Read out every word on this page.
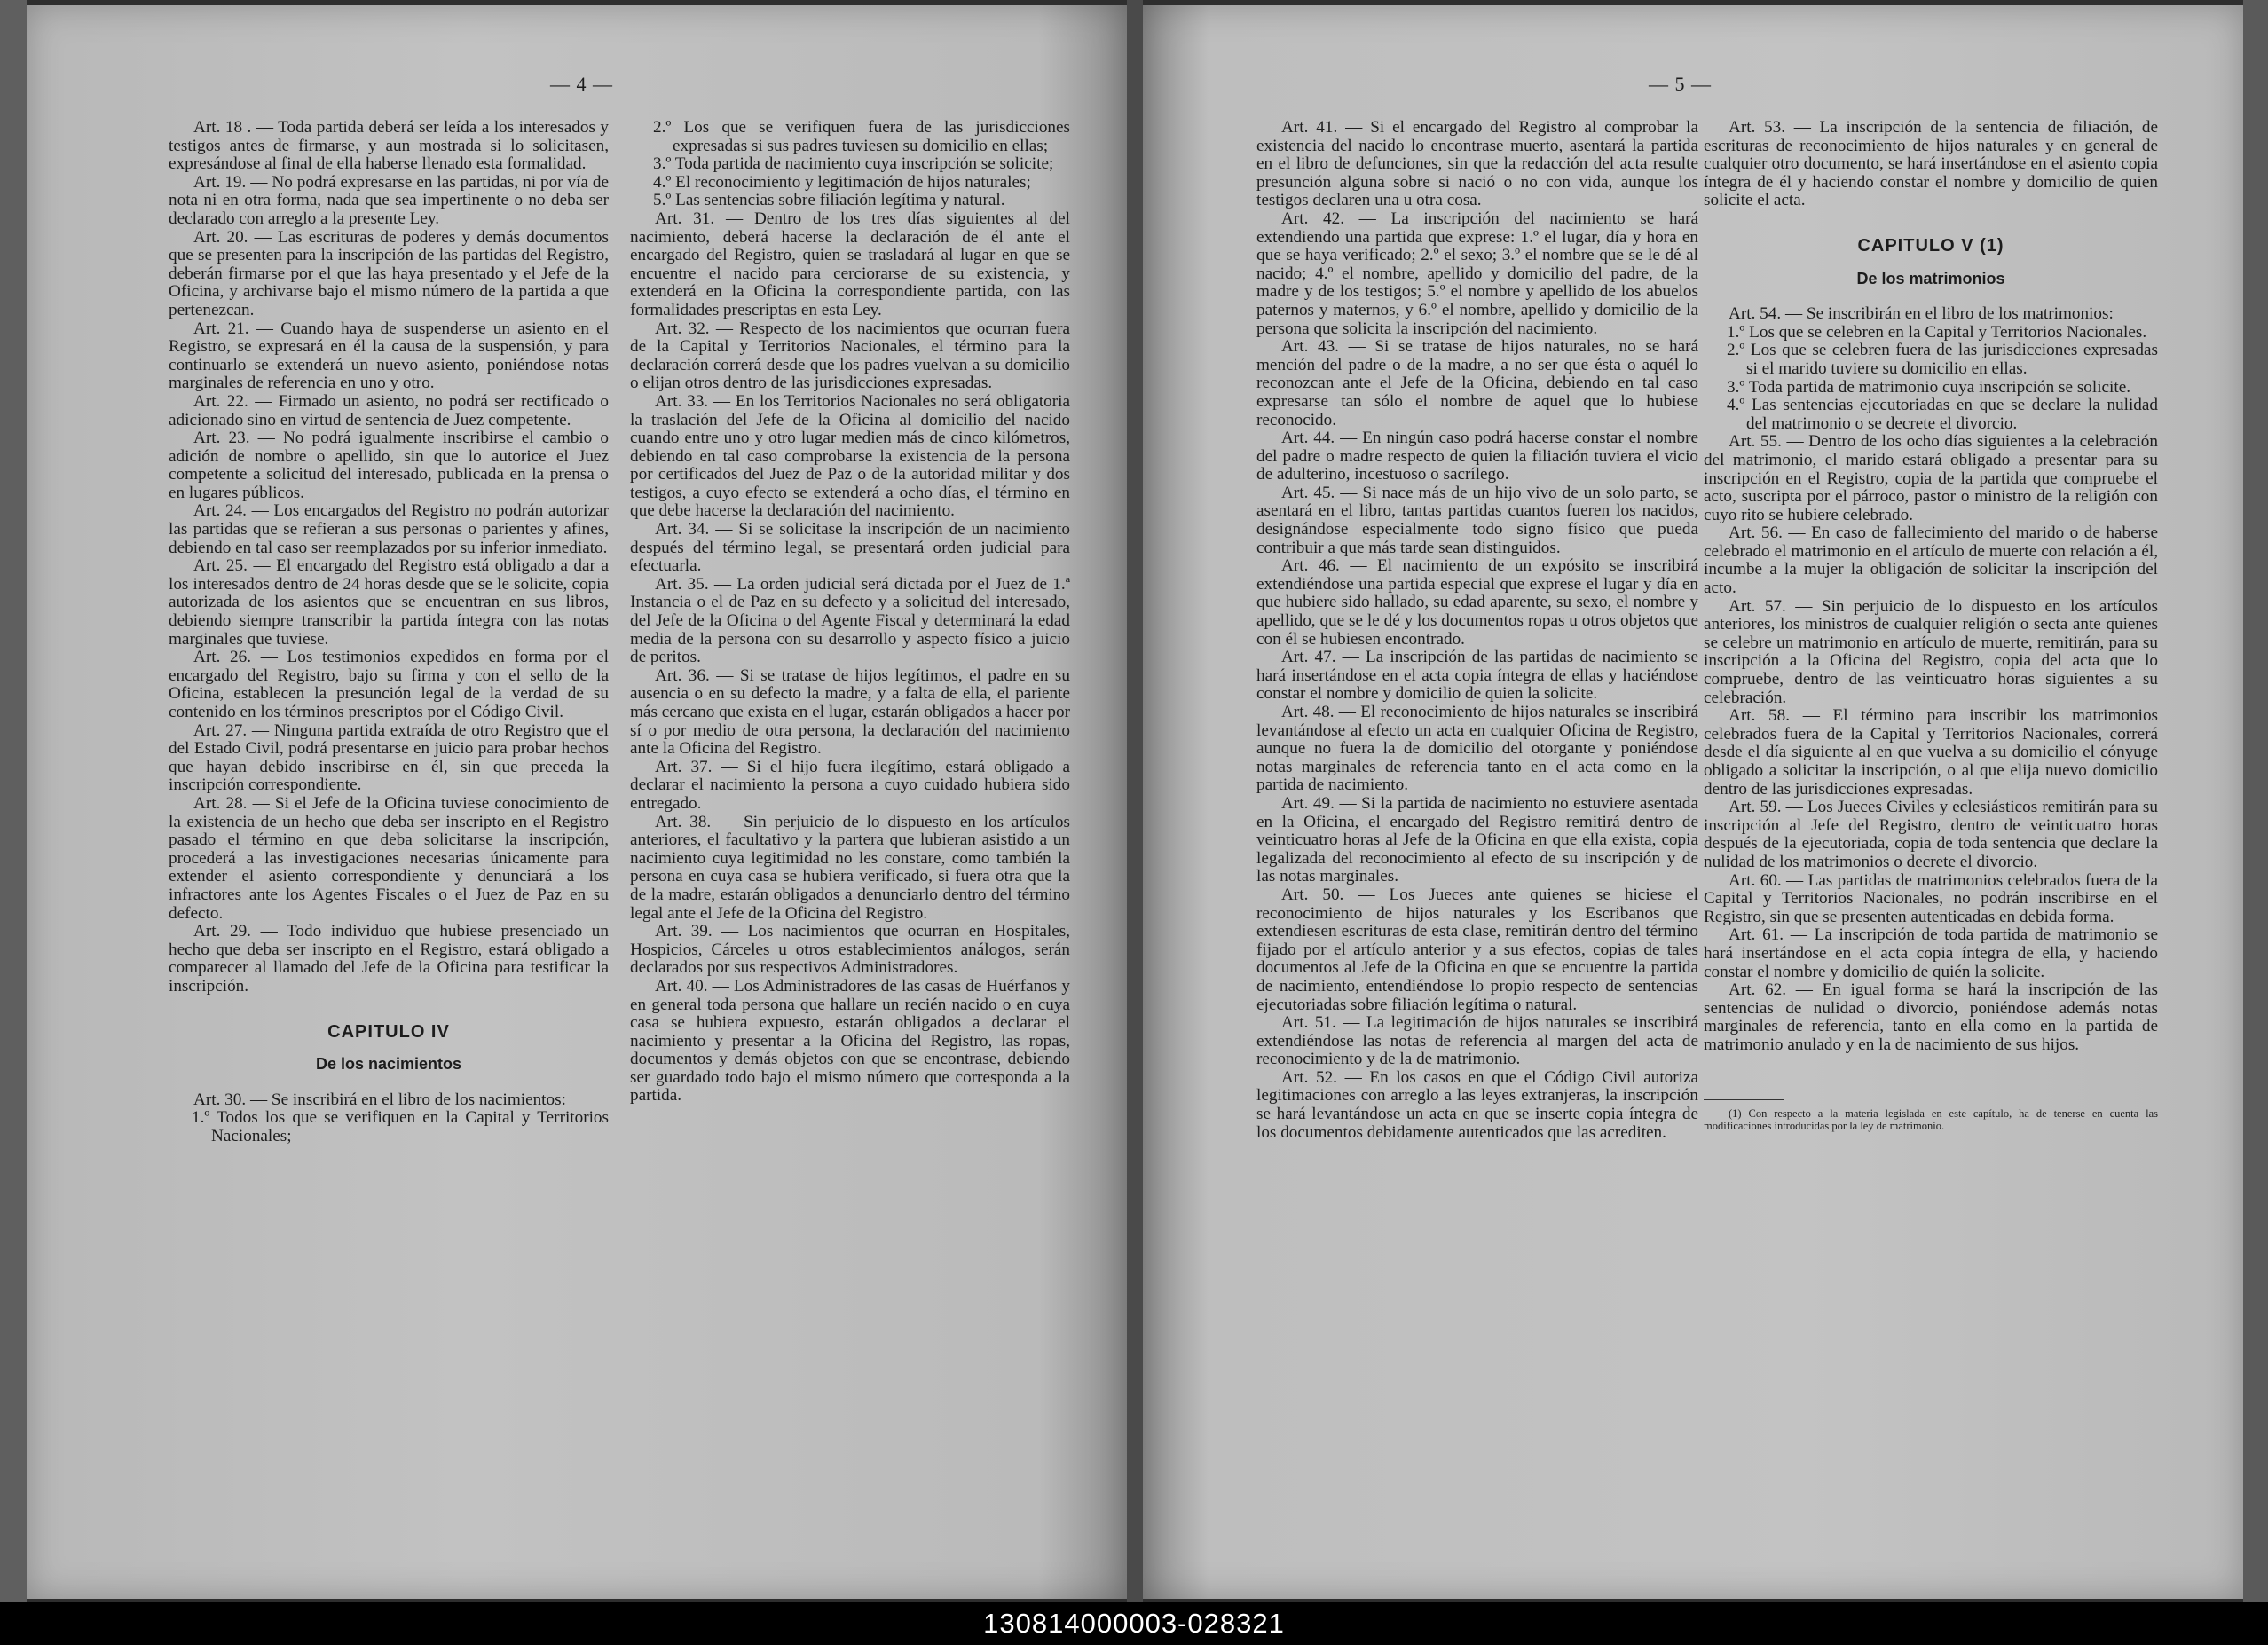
— 4 —

Art. 18 . — Toda partida deberá ser leída a los interesados y testigos antes de firmarse, y aun mostrada si lo solicitasen, expresándose al final de ella haberse llenado esta formalidad.

Art. 19. — No podrá expresarse en las partidas, ni por vía de nota ni en otra forma, nada que sea impertinente o no deba ser declarado con arreglo a la presente Ley.

Art. 20. — Las escrituras de poderes y demás documentos que se presenten para la inscripción de las partidas del Registro, deberán firmarse por el que las haya presentado y el Jefe de la Oficina, y archivarse bajo el mismo número de la partida a que pertenezcan.

Art. 21. — Cuando haya de suspenderse un asiento en el Registro, se expresará en él la causa de la suspensión, y para continuarlo se extenderá un nuevo asiento, poniéndose notas marginales de referencia en uno y otro.

Art. 22. — Firmado un asiento, no podrá ser rectificado o adicionado sino en virtud de sentencia de Juez competente.

Art. 23. — No podrá igualmente inscribirse el cambio o adición de nombre o apellido, sin que lo autorice el Juez competente a solicitud del interesado, publicada en la prensa o en lugares públicos.

Art. 24. — Los encargados del Registro no podrán autorizar las partidas que se refieran a sus personas o parientes y afines, debiendo en tal caso ser reemplazados por su inferior inmediato.

Art. 25. — El encargado del Registro está obligado a dar a los interesados dentro de 24 horas desde que se le solicite, copia autorizada de los asientos que se encuentran en sus libros, debiendo siempre transcribir la partida íntegra con las notas marginales que tuviese.

Art. 26. — Los testimonios expedidos en forma por el encargado del Registro, bajo su firma y con el sello de la Oficina, establecen la presunción legal de la verdad de su contenido en los términos prescriptos por el Código Civil.

Art. 27. — Ninguna partida extraída de otro Registro que el del Estado Civil, podrá presentarse en juicio para probar hechos que hayan debido inscribirse en él, sin que preceda la inscripción correspondiente.

Art. 28. — Si el Jefe de la Oficina tuviese conocimiento de la existencia de un hecho que deba ser inscripto en el Registro pasado el término en que deba solicitarse la inscripción, procederá a las investigaciones necesarias únicamente para extender el asiento correspondiente y denunciará a los infractores ante los Agentes Fiscales o el Juez de Paz en su defecto.

Art. 29. — Todo individuo que hubiese presenciado un hecho que deba ser inscripto en el Registro, estará obligado a comparecer al llamado del Jefe de la Oficina para testificar la inscripción.

CAPITULO IV
De los nacimientos

Art. 30. — Se inscribirá en el libro de los nacimientos:

1.º Todos los que se verifiquen en la Capital y Territorios Nacionales;

2.º Los que se verifiquen fuera de las jurisdicciones expresadas si sus padres tuviesen su domicilio en ellas;

3.º Toda partida de nacimiento cuya inscripción se solicite;

4.º El reconocimiento y legitimación de hijos naturales;

5.º Las sentencias sobre filiación legítima y natural.

Art. 31. — Dentro de los tres días siguientes al del nacimiento, deberá hacerse la declaración de él ante el encargado del Registro, quien se trasladará al lugar en que se encuentre el nacido para cerciorarse de su existencia, y extenderá en la Oficina la correspondiente partida, con las formalidades prescriptas en esta Ley.

Art. 32. — Respecto de los nacimientos que ocurran fuera de la Capital y Territorios Nacionales, el término para la declaración correrá desde que los padres vuelvan a su domicilio o elijan otros dentro de las jurisdicciones expresadas.

Art. 33. — En los Territorios Nacionales no será obligatoria la traslación del Jefe de la Oficina al domicilio del nacido cuando entre uno y otro lugar medien más de cinco kilómetros, debiendo en tal caso comprobarse la existencia de la persona por certificados del Juez de Paz o de la autoridad militar y dos testigos, a cuyo efecto se extenderá a ocho días, el término en que debe hacerse la declaración del nacimiento.

Art. 34. — Si se solicitase la inscripción de un nacimiento después del término legal, se presentará orden judicial para efectuarla.

Art. 35. — La orden judicial será dictada por el Juez de 1.ª Instancia o el de Paz en su defecto y a solicitud del interesado, del Jefe de la Oficina o del Agente Fiscal y determinará la edad media de la persona con su desarrollo y aspecto físico a juicio de peritos.

Art. 36. — Si se tratase de hijos legítimos, el padre en su ausencia o en su defecto la madre, y a falta de ella, el pariente más cercano que exista en el lugar, estarán obligados a hacer por sí o por medio de otra persona, la declaración del nacimiento ante la Oficina del Registro.

Art. 37. — Si el hijo fuera ilegítimo, estará obligado a declarar el nacimiento la persona a cuyo cuidado hubiera sido entregado.

Art. 38. — Sin perjuicio de lo dispuesto en los artículos anteriores, el facultativo y la partera que lubieran asistido a un nacimiento cuya legitimidad no les constare, como también la persona en cuya casa se hubiera verificado, si fuera otra que la de la madre, estarán obligados a denunciarlo dentro del término legal ante el Jefe de la Oficina del Registro.

Art. 39. — Los nacimientos que ocurran en Hospitales, Hospicios, Cárceles u otros establecimientos análogos, serán declarados por sus respectivos Administradores.

Art. 40. — Los Administradores de las casas de Huérfanos y en general toda persona que hallare un recién nacido o en cuya casa se hubiera expuesto, estarán obligados a declarar el nacimiento y presentar a la Oficina del Registro, las ropas, documentos y demás objetos con que se encontrase, debiendo ser guardado todo bajo el mismo número que corresponda a la partida.

— 5 —

Art. 41. — Si el encargado del Registro al comprobar la existencia del nacido lo encontrase muerto, asentará la partida en el libro de defunciones, sin que la redacción del acta resulte presunción alguna sobre si nació o no con vida, aunque los testigos declaren una u otra cosa.

Art. 42. — La inscripción del nacimiento se hará extendiendo una partida que exprese: 1.º el lugar, día y hora en que se haya verificado; 2.º el sexo; 3.º el nombre que se le dé al nacido; 4.º el nombre, apellido y domicilio del padre, de la madre y de los testigos; 5.º el nombre y apellido de los abuelos paternos y maternos, y 6.º el nombre, apellido y domicilio de la persona que solicita la inscripción del nacimiento.

Art. 43. — Si se tratase de hijos naturales, no se hará mención del padre o de la madre, a no ser que ésta o aquél lo reconozcan ante el Jefe de la Oficina, debiendo en tal caso expresarse tan sólo el nombre de aquel que lo hubiese reconocido.

Art. 44. — En ningún caso podrá hacerse constar el nombre del padre o madre respecto de quien la filiación tuviera el vicio de adulterino, incestuoso o sacrílego.

Art. 45. — Si nace más de un hijo vivo de un solo parto, se asentará en el libro, tantas partidas cuantos fueren los nacidos, designándose especialmente todo signo físico que pueda contribuir a que más tarde sean distinguidos.

Art. 46. — El nacimiento de un expósito se inscribirá extendiéndose una partida especial que exprese el lugar y día en que hubiere sido hallado, su edad aparente, su sexo, el nombre y apellido, que se le dé y los documentos ropas u otros objetos que con él se hubiesen encontrado.

Art. 47. — La inscripción de las partidas de nacimiento se hará insertándose en el acta copia íntegra de ellas y haciéndose constar el nombre y domicilio de quien la solicite.

Art. 48. — El reconocimiento de hijos naturales se inscribirá levantándose al efecto un acta en cualquier Oficina de Registro, aunque no fuera la de domicilio del otorgante y poniéndose notas marginales de referencia tanto en el acta como en la partida de nacimiento.

Art. 49. — Si la partida de nacimiento no estuviere asentada en la Oficina, el encargado del Registro remitirá dentro de veinticuatro horas al Jefe de la Oficina en que ella exista, copia legalizada del reconocimiento al efecto de su inscripción y de las notas marginales.

Art. 50. — Los Jueces ante quienes se hiciese el reconocimiento de hijos naturales y los Escribanos que extendiesen escrituras de esta clase, remitirán dentro del término fijado por el artículo anterior y a sus efectos, copias de tales documentos al Jefe de la Oficina en que se encuentre la partida de nacimiento, entendiéndose lo propio respecto de sentencias ejecutoriadas sobre filiación legítima o natural.

Art. 51. — La legitimación de hijos naturales se inscribirá extendiéndose las notas de referencia al margen del acta de reconocimiento y de la de matrimonio.

Art. 52. — En los casos en que el Código Civil autoriza legitimaciones con arreglo a las leyes extranjeras, la inscripción se hará levantándose un acta en que se inserte copia íntegra de los documentos debidamente autenticados que las acrediten.

Art. 53. — La inscripción de la sentencia de filiación, de escrituras de reconocimiento de hijos naturales y en general de cualquier otro documento, se hará insertándose en el asiento copia íntegra de él y haciendo constar el nombre y domicilio de quien solicite el acta.

CAPITULO V (1)
De los matrimonios

Art. 54. — Se inscribirán en el libro de los matrimonios:

1.º Los que se celebren en la Capital y Territorios Nacionales.

2.º Los que se celebren fuera de las jurisdicciones expresadas si el marido tuviere su domicilio en ellas.

3.º Toda partida de matrimonio cuya inscripción se solicite.

4.º Las sentencias ejecutoriadas en que se declare la nulidad del matrimonio o se decrete el divorcio.

Art. 55. — Dentro de los ocho días siguientes a la celebración del matrimonio, el marido estará obligado a presentar para su inscripción en el Registro, copia de la partida que compruebe el acto, suscripta por el párroco, pastor o ministro de la religión con cuyo rito se hubiere celebrado.

Art. 56. — En caso de fallecimiento del marido o de haberse celebrado el matrimonio en el artículo de muerte con relación a él, incumbe a la mujer la obligación de solicitar la inscripción del acto.

Art. 57. — Sin perjuicio de lo dispuesto en los artículos anteriores, los ministros de cualquier religión o secta ante quienes se celebre un matrimonio en artículo de muerte, remitirán, para su inscripción a la Oficina del Registro, copia del acta que lo compruebe, dentro de las veinticuatro horas siguientes a su celebración.

Art. 58. — El término para inscribir los matrimonios celebrados fuera de la Capital y Territorios Nacionales, correrá desde el día siguiente al en que vuelva a su domicilio el cónyuge obligado a solicitar la inscripción, o al que elija nuevo domicilio dentro de las jurisdicciones expresadas.

Art. 59. — Los Jueces Civiles y eclesiásticos remitirán para su inscripción al Jefe del Registro, dentro de veinticuatro horas después de la ejecutoriada, copia de toda sentencia que declare la nulidad de los matrimonios o decrete el divorcio.

Art. 60. — Las partidas de matrimonios celebrados fuera de la Capital y Territorios Nacionales, no podrán inscribirse en el Registro, sin que se presenten autenticadas en debida forma.

Art. 61. — La inscripción de toda partida de matrimonio se hará insertándose en el acta copia íntegra de ella, y haciendo constar el nombre y domicilio de quién la solicite.

Art. 62. — En igual forma se hará la inscripción de las sentencias de nulidad o divorcio, poniéndose además notas marginales de referencia, tanto en ella como en la partida de matrimonio anulado y en la de nacimiento de sus hijos.

(1) Con respecto a la materia legislada en este capítulo, ha de tenerse en cuenta las modificaciones introducidas por la ley de matrimonio.

130814000003-028321
